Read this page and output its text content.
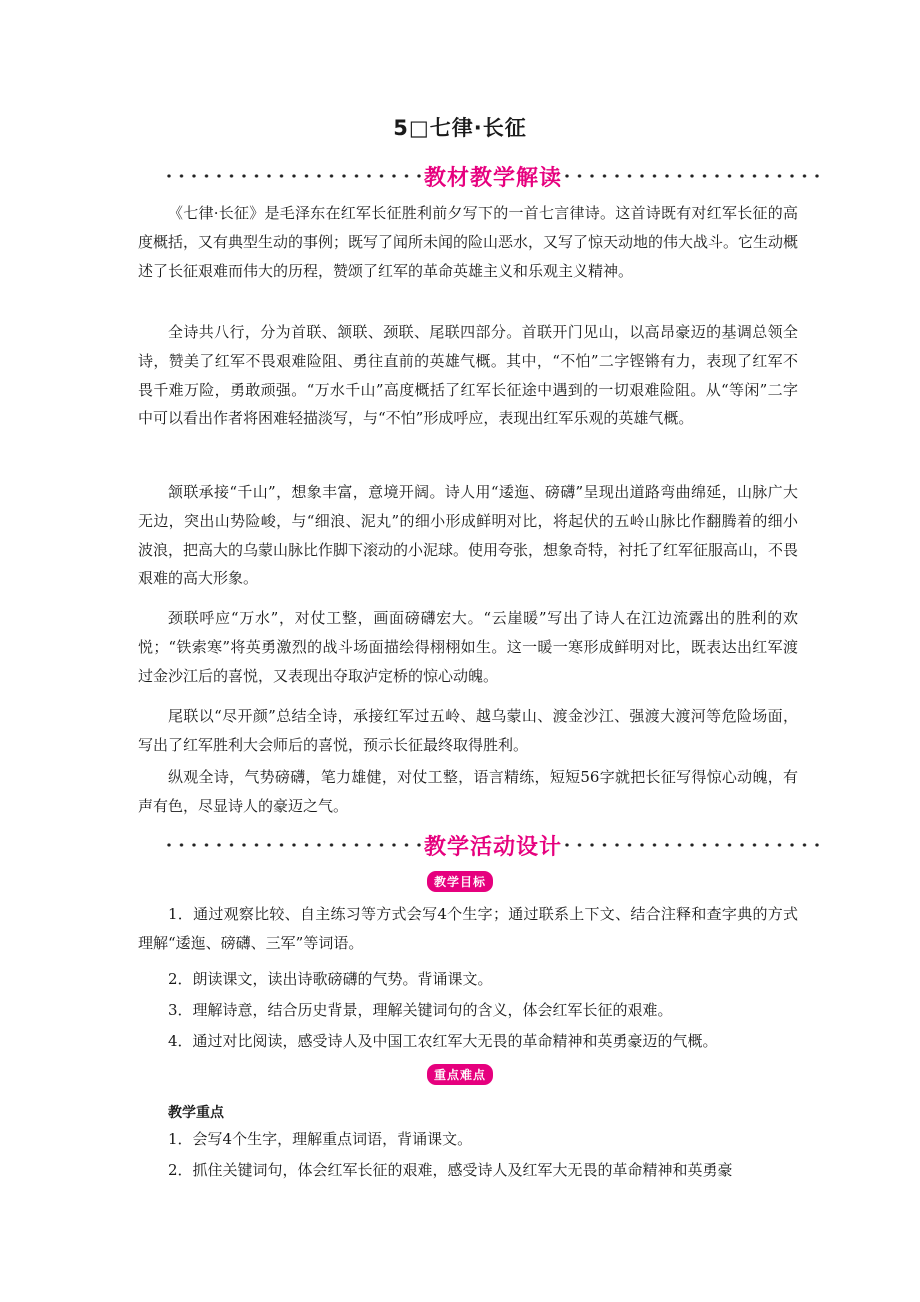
5□七律·长征
教材教学解读

《七律·长征》是毛泽东在红军长征胜利前夕写下的一首七言律诗。这首诗既有对红军长征的高度概括，又有典型生动的事例；既写了闻所未闻的险山恶水，又写了惊天动地的伟大战斗。它生动概述了长征艰难而伟大的历程，赞颂了红军的革命英雄主义和乐观主义精神。

全诗共八行，分为首联、颔联、颈联、尾联四部分。首联开门见山，以高昂豪迈的基调总领全诗，赞美了红军不畏艰难险阻、勇往直前的英雄气概。其中，“不怕”二字铿锵有力，表现了红军不畏千难万险，勇敢顽强。“万水千山”高度概括了红军长征途中遇到的一切艰难险阻。从“等闲”二字中可以看出作者将困难轻描淡写，与“不怕”形成呼应，表现出红军乐观的英雄气概。

颔联承接“千山”，想象丰富，意境开阔。诗人用“逶迤、磅礴”呈现出道路弯曲绵延，山脉广大无边，突出山势险峻，与“细浪、泥丸”的细小形成鲜明对比，将起伏的五岭山脉比作翻腾着的细小波浪，把高大的乌蒙山脉比作脚下滚动的小泥球。使用夸张，想象奇特，衬托了红军征服高山，不畏艰难的高大形象。

颈联呼应“万水”，对仗工整，画面磅礴宏大。“云崖暖”写出了诗人在江边流露出的胜利的欢悦；“铁索寒”将英勇激烈的战斗场面描绘得栩栩如生。这一暖一寒形成鲜明对比，既表达出红军渡过金沙江后的喜悦，又表现出夺取泸定桥的惊心动魄。

尾联以“尽开颜”总结全诗，承接红军过五岭、越乌蒙山、渡金沙江、强渡大渡河等危险场面，写出了红军胜利大会师后的喜悦，预示长征最终取得胜利。

纵观全诗，气势磅礴，笔力雄健，对仗工整，语言精练，短短56字就把长征写得惊心动魄，有声有色，尽显诗人的豪迈之气。

教学活动设计
教学目标

1．通过观察比较、自主练习等方式会写4个生字；通过联系上下文、结合注释和查字典的方式理解“逶迤、磅礴、三军”等词语。

2．朗读课文，读出诗歌磅礴的气势。背诵课文。

3．理解诗意，结合历史背景，理解关键词句的含义，体会红军长征的艰难。

4．通过对比阅读，感受诗人及中国工农红军大无畏的革命精神和英勇豪迈的气概。

重点难点
教学重点

1．会写4个生字，理解重点词语，背诵课文。

2．抓住关键词句，体会红军长征的艰难，感受诗人及红军大无畏的革命精神和英勇豪
